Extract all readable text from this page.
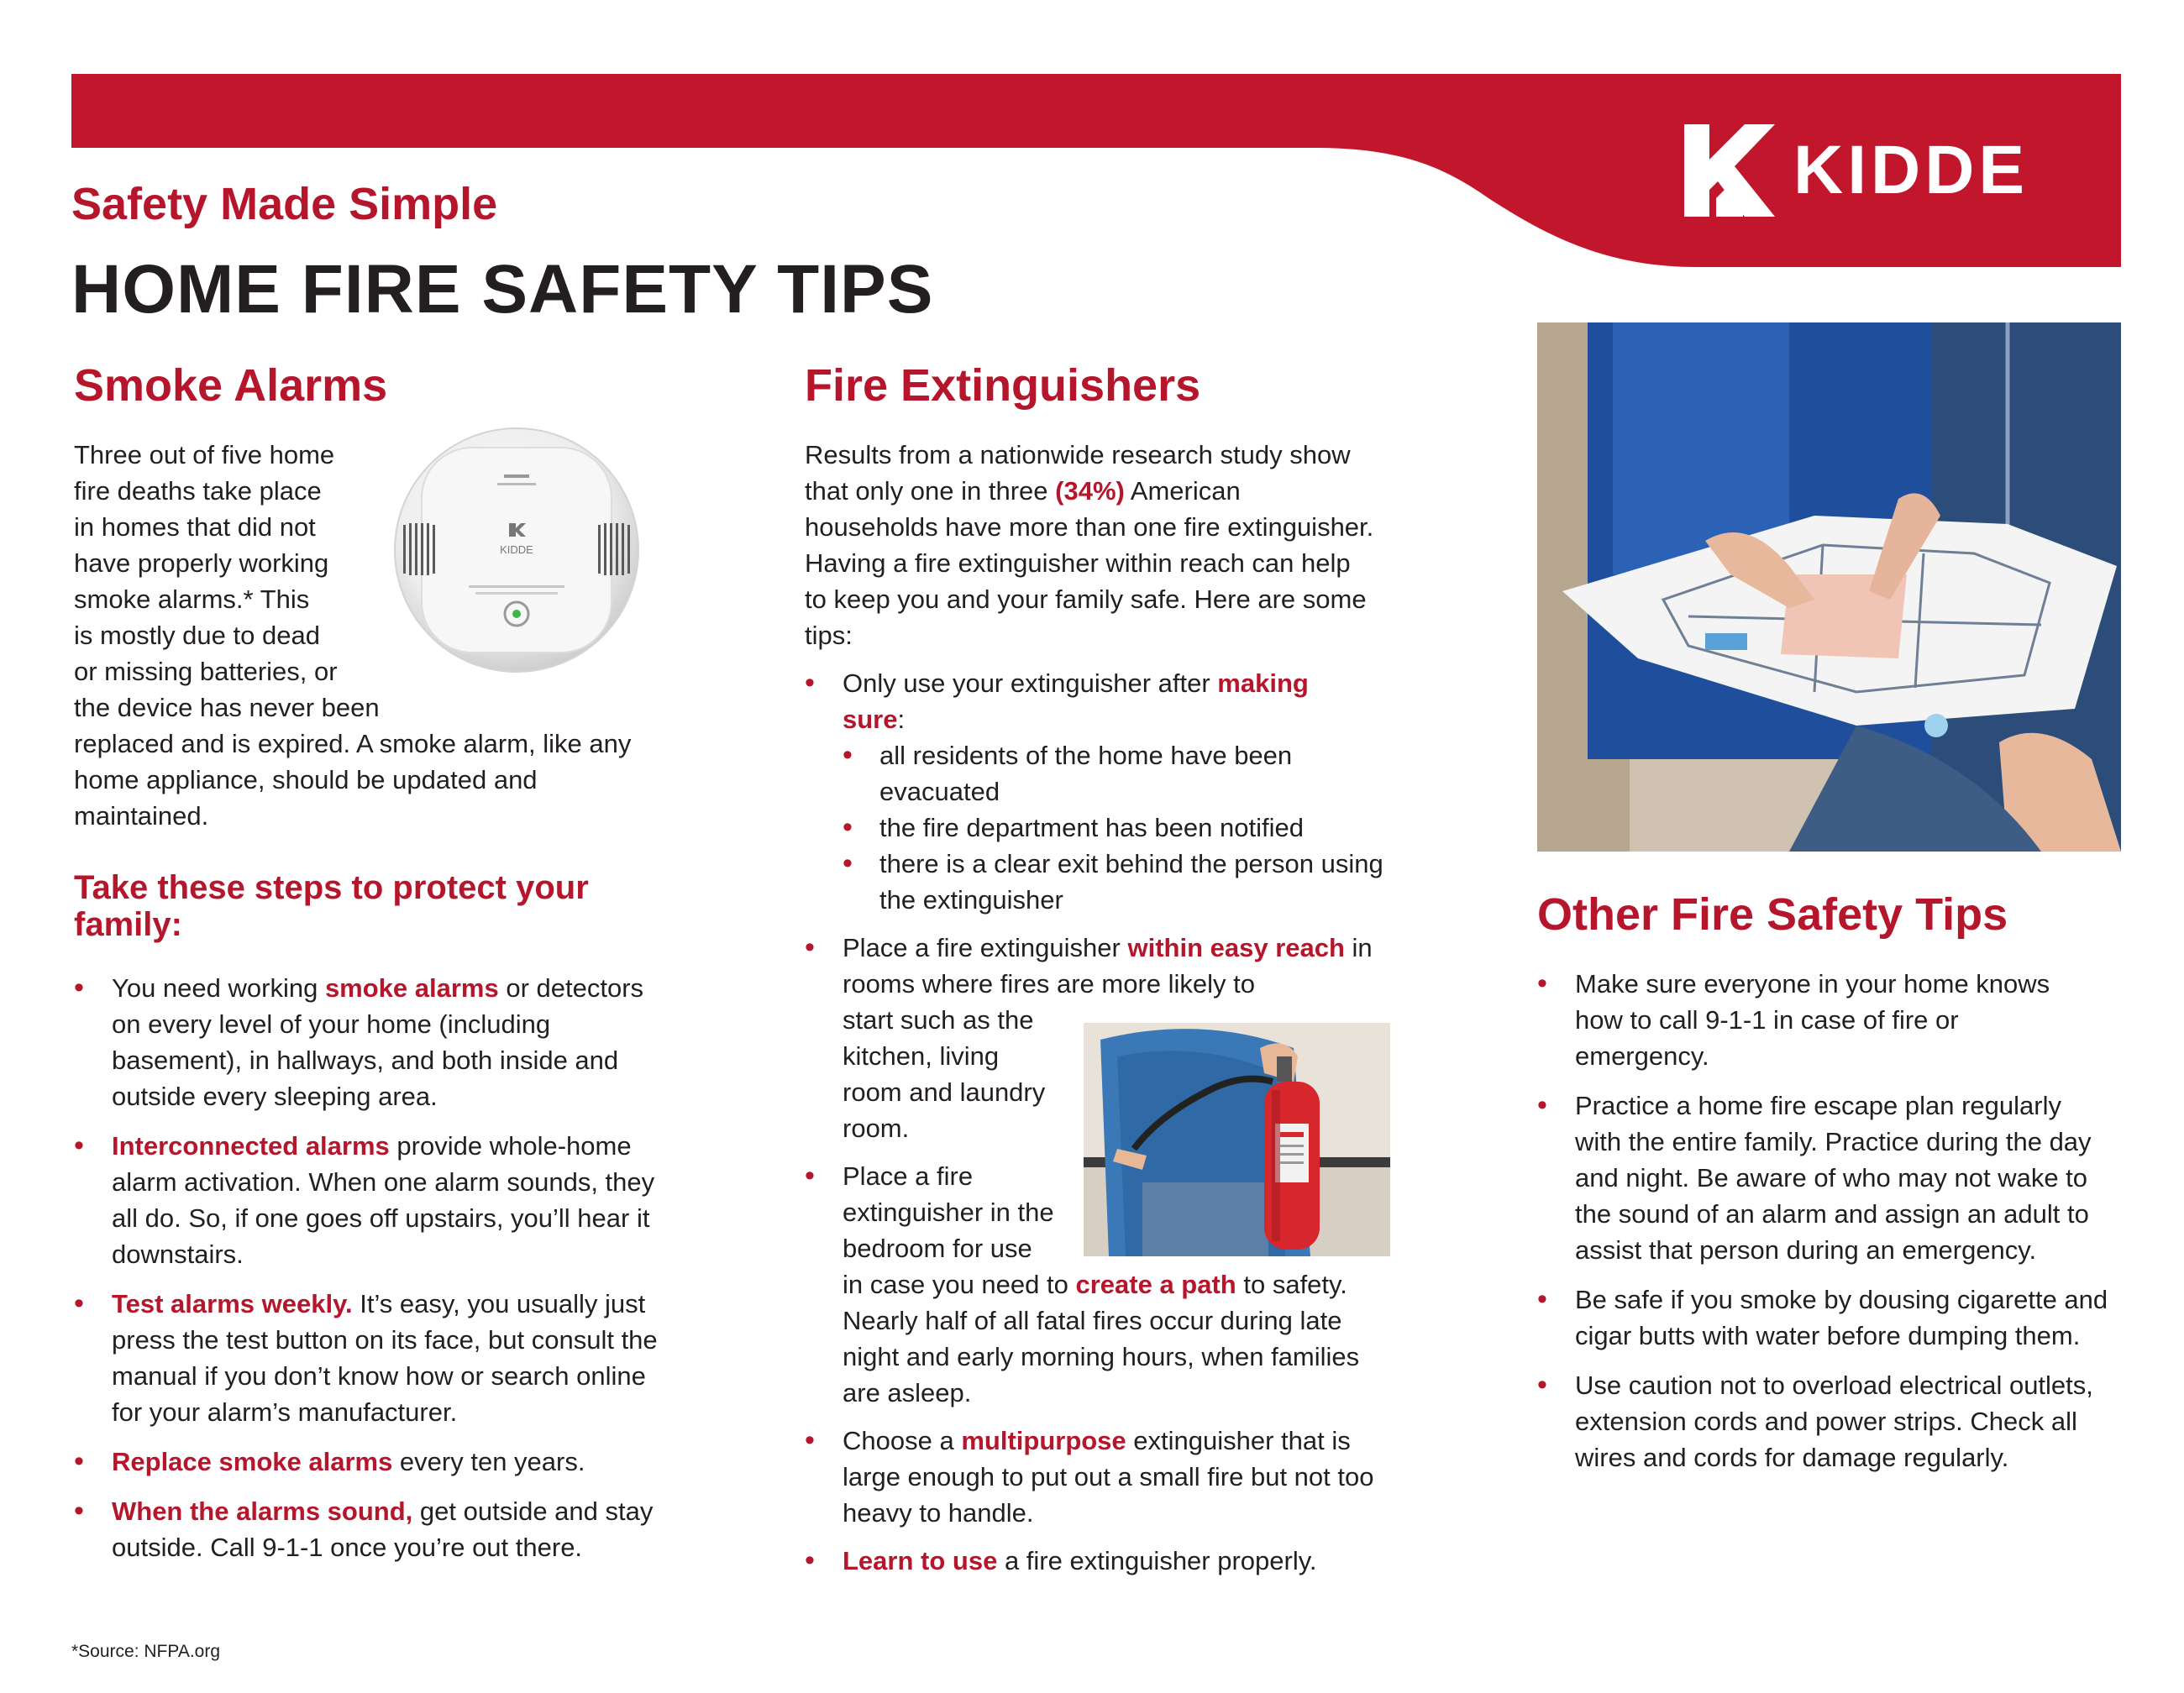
KIDDE
Safety Made Simple
HOME FIRE SAFETY TIPS
Smoke Alarms
Three out of five home
fire deaths take place
in homes that did not
have properly working
smoke alarms.* This
is mostly due to dead
or missing batteries, or
the device has never been
replaced and is expired. A smoke alarm, like any home appliance, should be updated and maintained.
KIDDE
Take these steps to protect your family:
• You need working smoke alarms or detectors on every level of your home (including basement), in hallways, and both inside and outside every sleeping area.
• Interconnected alarms provide whole-home alarm activation. When one alarm sounds, they all do. So, if one goes off upstairs, you’ll hear it downstairs.
• Test alarms weekly. It’s easy, you usually just press the test button on its face, but consult the manual if you don’t know how or search online for your alarm’s manufacturer.
• Replace smoke alarms every ten years.
• When the alarms sound, get outside and stay outside. Call 9-1-1 once you’re out there.
Fire Extinguishers
Results from a nationwide research study show that only one in three (34%) American households have more than one fire extinguisher. Having a fire extinguisher within reach can help to keep you and your family safe. Here are some tips:
• Only use your extinguisher after making sure:
• all residents of the home have been evacuated
• the fire department has been notified
• there is a clear exit behind the person using the extinguisher
• Place a fire extinguisher within easy reach in rooms where fires are more likely to
start such as the
kitchen, living
room and laundry
room.
• Place a fire
extinguisher in the
bedroom for use
in case you need to create a path to safety. Nearly half of all fatal fires occur during late night and early morning hours, when families are asleep.
• Choose a multipurpose extinguisher that is large enough to put out a small fire but not too heavy to handle.
• Learn to use a fire extinguisher properly.
Other Fire Safety Tips
• Make sure everyone in your home knows how to call 9-1-1 in case of fire or emergency.
• Practice a home fire escape plan regularly with the entire family. Practice during the day and night. Be aware of who may not wake to the sound of an alarm and assign an adult to assist that person during an emergency.
• Be safe if you smoke by dousing cigarette and cigar butts with water before dumping them.
• Use caution not to overload electrical outlets, extension cords and power strips. Check all wires and cords for damage regularly.
*Source: NFPA.org
